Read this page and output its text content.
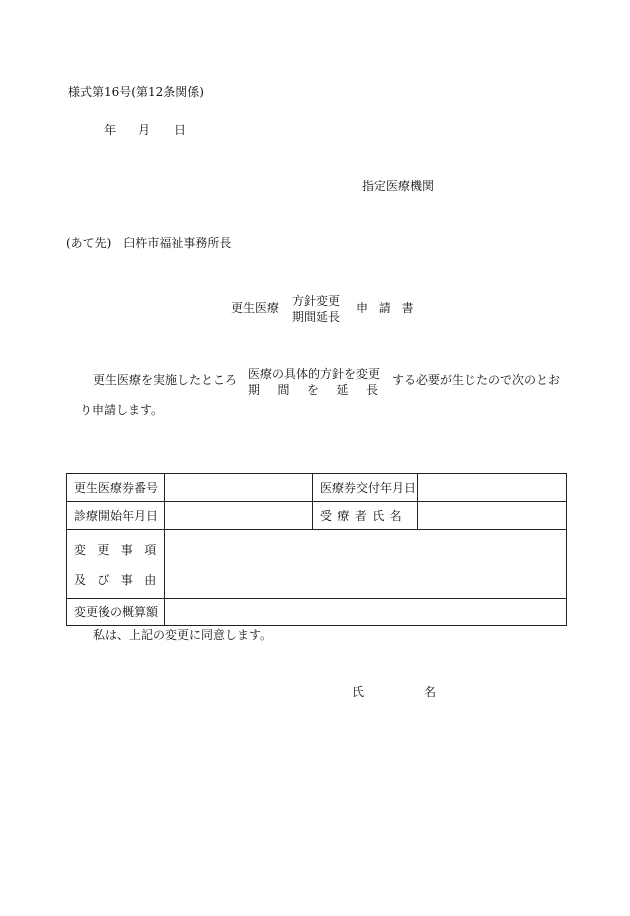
様式第16号(第12条関係)
年 月 日
指定医療機関
(あて先)　臼杵市福祉事務所長
更生医療 方針変更
期間延長
申請書
更生医療を実施したところ 医療の具体的方針を変更
期 間 を 延 長
する必要が生じたので次のとお
り申請します。
更生医療券番号		医療券交付年月日	
診療開始年月日		受療者氏名	

変更事項
及び事由			

変更後の概算額			
私は、上記の変更に同意します。
氏	名
